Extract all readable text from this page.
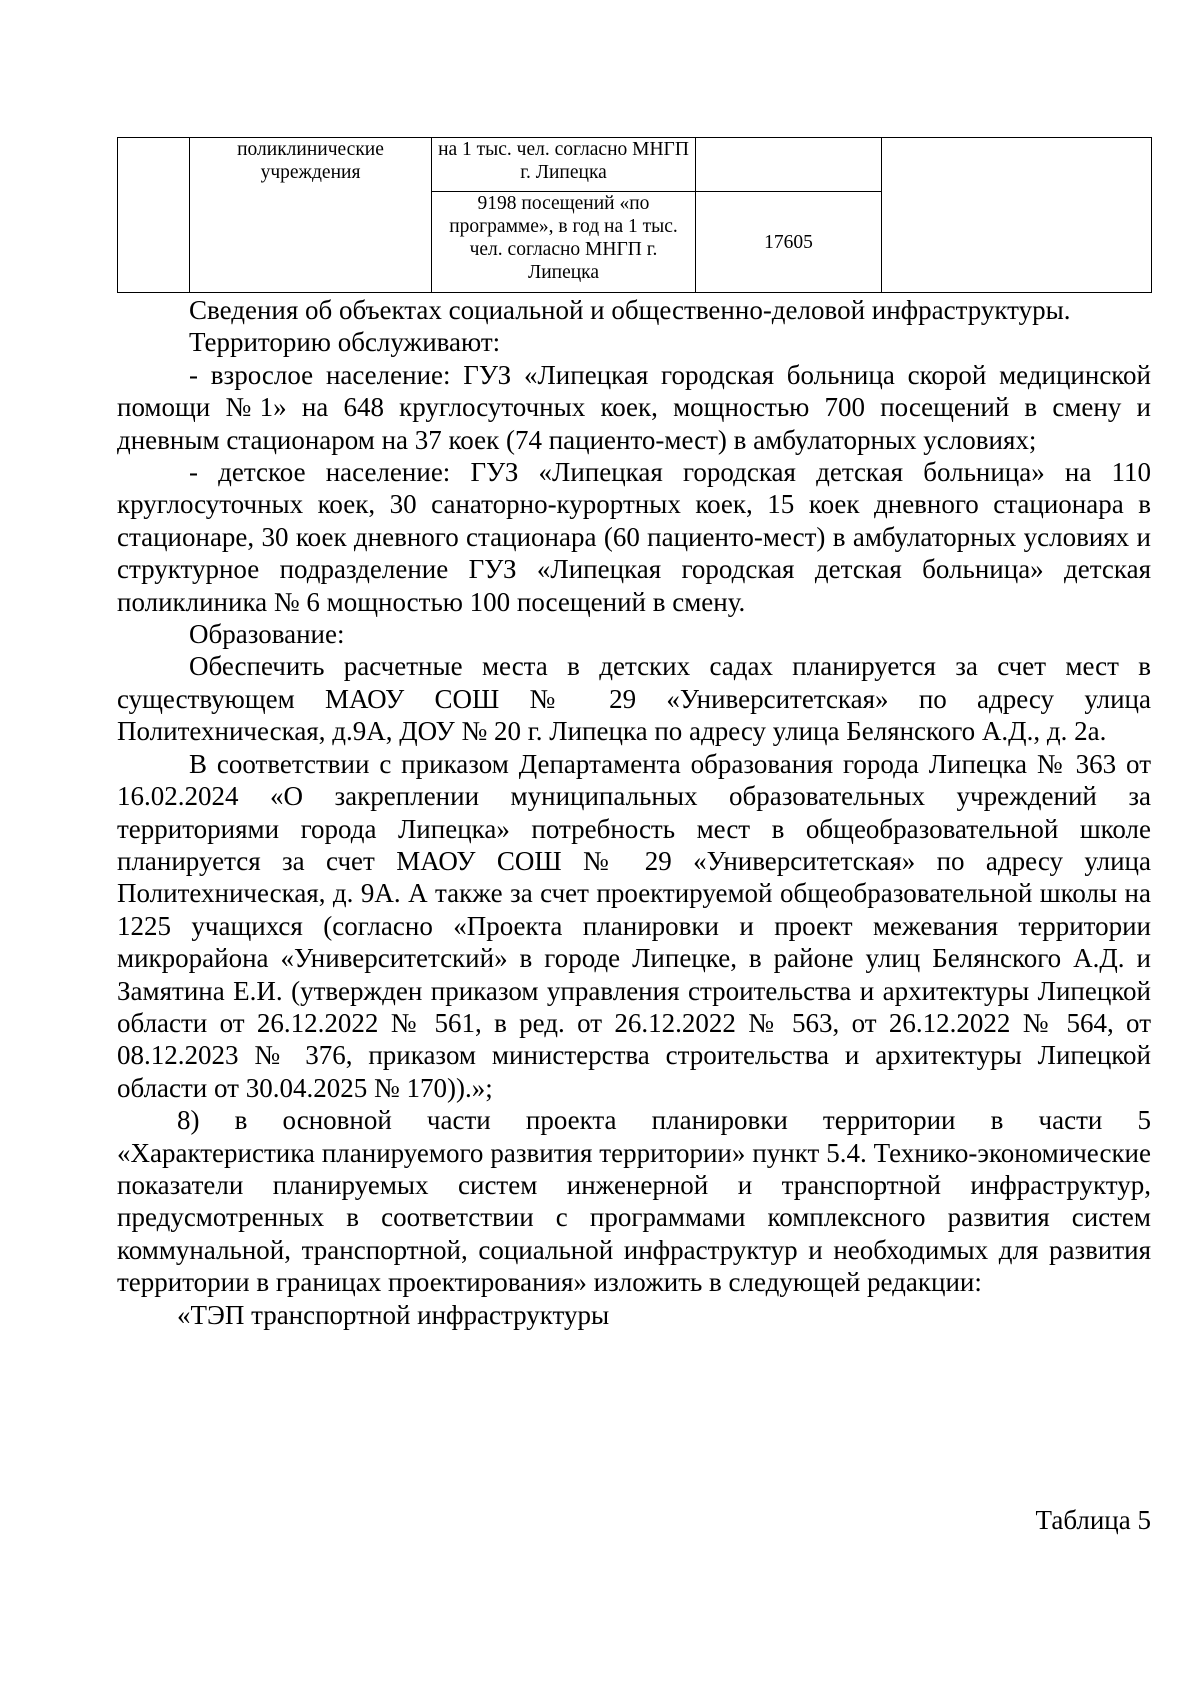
	поликлинические учреждения	на 1 тыс. чел. согласно МНГП г. Липецка		
		9198 посещений «по программе», в год на 1 тыс. чел. согласно МНГП г. Липецка	17605	

Сведения об объектах социальной и общественно-деловой инфраструктуры.

Территорию обслуживают:

- взрослое население: ГУЗ «Липецкая городская больница скорой медицинской помощи №1» на 648 круглосуточных коек, мощностью 700 посещений в смену и дневным стационаром на 37 коек (74 пациенто-мест) в амбулаторных условиях;

- детское население: ГУЗ «Липецкая городская детская больница» на 110 круглосуточных коек, 30 санаторно-курортных коек, 15 коек дневного стационара в стационаре, 30 коек дневного стационара (60 пациенто-мест) в амбулаторных условиях и структурное подразделение ГУЗ «Липецкая городская детская больница» детская поликлиника № 6 мощностью 100 посещений в смену.

Образование:

Обеспечить расчетные места в детских садах планируется за счет мест в существующем МАОУ СОШ № 29 «Университетская» по адресу улица Политехническая, д.9А, ДОУ № 20 г. Липецка по адресу улица Белянского А.Д., д. 2а.

В соответствии с приказом Департамента образования города Липецка № 363 от 16.02.2024 «О закреплении муниципальных образовательных учреждений за территориями города Липецка» потребность мест в общеобразовательной школе планируется за счет МАОУ СОШ № 29 «Университетская» по адресу улица Политехническая, д. 9А. А также за счет проектируемой общеобразовательной школы на 1225 учащихся (согласно «Проекта планировки и проект межевания территории микрорайона «Университетский» в городе Липецке, в районе улиц Белянского А.Д. и Замятина Е.И. (утвержден приказом управления строительства и архитектуры Липецкой области от 26.12.2022 № 561, в ред. от 26.12.2022 № 563, от 26.12.2022 № 564, от 08.12.2023 № 376, приказом министерства строительства и архитектуры Липецкой области от 30.04.2025 № 170)).»;

8) в основной части проекта планировки территории в части 5

«Характеристика планируемого развития территории» пункт 5.4. Технико-экономические показатели планируемых систем инженерной и транспортной инфраструктур, предусмотренных в соответствии с программами комплексного развития систем коммунальной, транспортной, социальной инфраструктур и необходимых для развития территории в границах проектирования» изложить в следующей редакции:

«ТЭП транспортной инфраструктуры

Таблица 5
